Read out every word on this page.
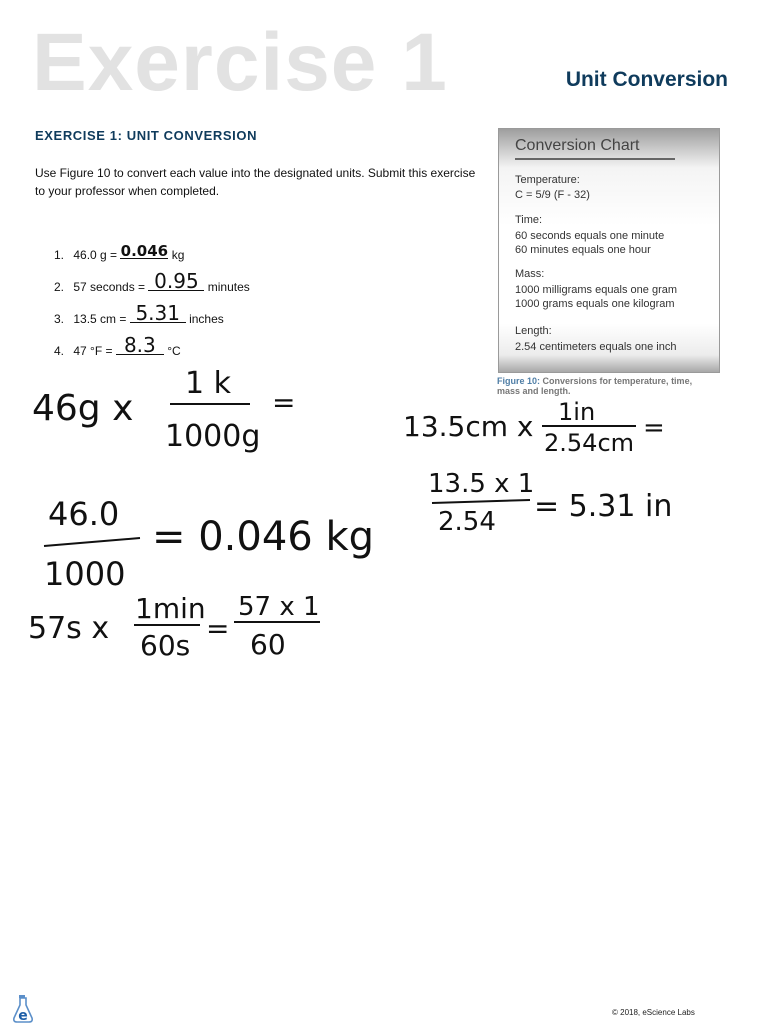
Exercise 1	Unit Conversion
EXERCISE 1: UNIT CONVERSION
Use Figure 10 to convert each value into the designated units. Submit this exercise to your professor when completed.
1. 46.0 g = 0.046 kg
2. 57 seconds = 0.95 minutes
3. 13.5 cm = 5.31 inches
4. 47 °F = 8.3 °C
Conversion Chart
Temperature:
C = 5/9 (F - 32)
Time:
60 seconds equals one minute
60 minutes equals one hour
Mass:
1000 milligrams equals one gram
1000 grams equals one kilogram
Length:
2.54 centimeters equals one inch
Figure 10: Conversions for temperature, time, mass and length.
46g x
1 k
1000g
=
46.0
1000
= 0.046 kg
57s x
1min
60s
=
57 x 1
60
13.5cm x 1in
2.54cm =
13.5 x 1
2.54 = 5.31 in
e	© 2018, eScience Labs
